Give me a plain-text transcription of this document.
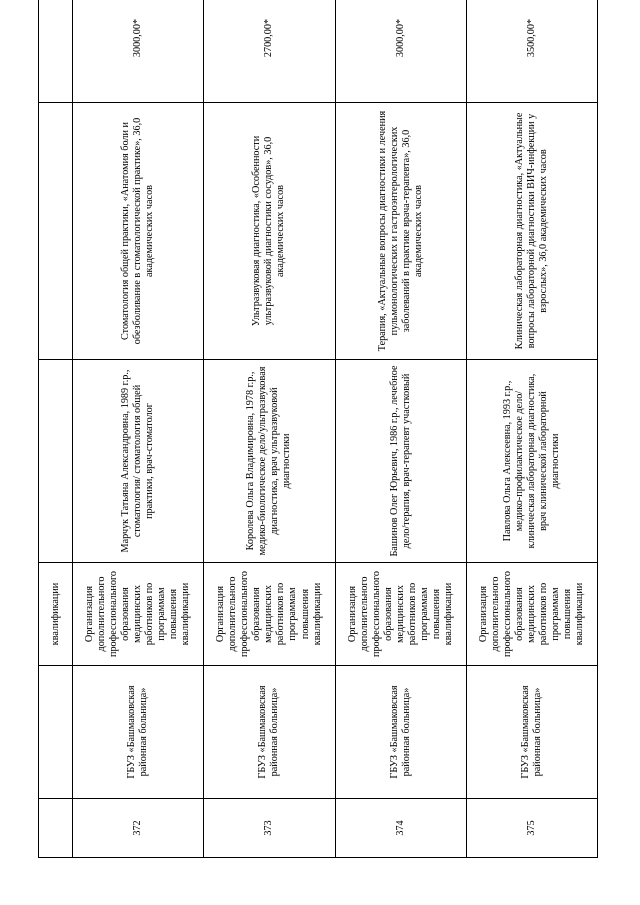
		квалификации			
372	ГБУЗ «Башмаковская районная больница»	Организация дополнительного профессионального образования медицинских работников по программам повышения квалификации	Марчук Татьяна Александровна, 1989 г.р., стоматология/ стоматология общей практики, врач-стоматолог	Стоматология общей практики, «Анатомия боли и обезболивание в стоматологической практике», 36,0 академических часов	3000,00*
373	ГБУЗ «Башмаковская районная больница»	Организация дополнительного профессионального образования медицинских работников по программам повышения квалификации	Королева Ольга Владимировна, 1978 г.р., медико-биологическое дело/ультразвуковая диагностика, врач ультразвуковой диагностики	Ультразвуковая диагностика, «Особенности ультразвуковой диагностики сосудов», 36,0 академических часов	2700,00*
374	ГБУЗ «Башмаковская районная больница»	Организация дополнительного профессионального образования медицинских работников по программам повышения квалификации	Башинов Олег Юрьевич, 1986 г.р., лечебное дело/терапия, врач-терапевт участковый	Терапия, «Актуальные вопросы диагностики и лечения пульмонологических и гастроэнтерологических заболеваний в практике врача-терапевта», 36,0 академических часов	3000,00*
375	ГБУЗ «Башмаковская районная больница»	Организация дополнительного профессионального образования медицинских работников по программам повышения квалификации	Павлова Ольга Алексеевна, 1993 г.р., медико-профилактическое дело/ клиническая лабораторная диагностика, врач клинической лабораторной диагностики	Клиническая лабораторная диагностика, «Актуальные вопросы лабораторной диагностики ВИЧ-инфекции у взрослых», 36,0 академических часов	3500,00*
